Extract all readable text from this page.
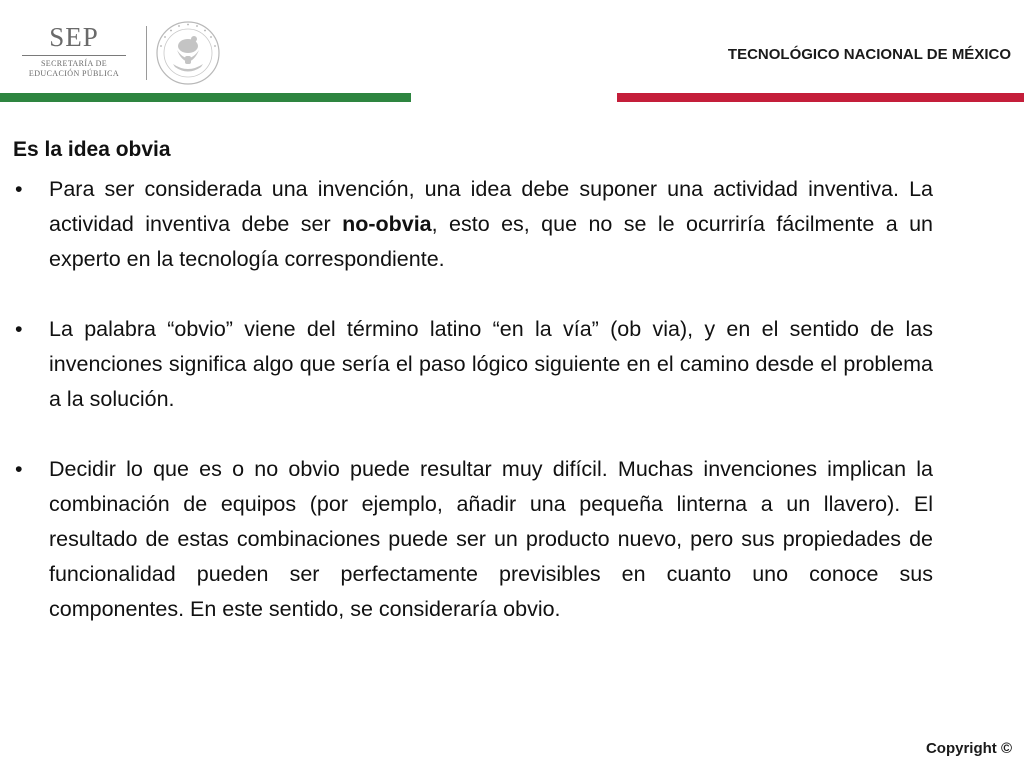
SEP
SECRETARÍA DE
EDUCACIÓN PÚBLICA
TECNOLÓGICO NACIONAL DE MÉXICO
Es la idea obvia
• Para ser considerada una invención, una idea debe suponer una actividad inventiva. La actividad inventiva debe ser no-obvia, esto es, que no se le ocurriría fácilmente a un experto en la tecnología correspondiente.
• La palabra “obvio” viene del término latino “en la vía” (ob via), y en el sentido de las invenciones significa algo que sería el paso lógico siguiente en el camino desde el problema a la solución.
• Decidir lo que es o no obvio puede resultar muy difícil. Muchas invenciones implican la combinación de equipos (por ejemplo, añadir una pequeña linterna a un llavero). El resultado de estas combinaciones puede ser un producto nuevo, pero sus propiedades de funcionalidad pueden ser perfectamente previsibles en cuanto uno conoce sus componentes. En este sentido, se consideraría obvio.
Copyright ©
